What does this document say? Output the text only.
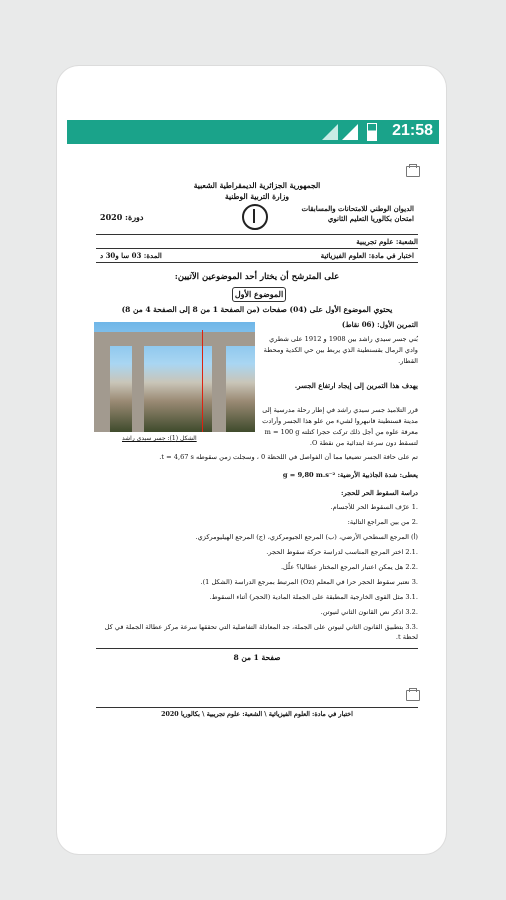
21:58
الجمهورية الجزائرية الديمقراطية الشعبية
وزارة التربية الوطنية
الديوان الوطني للامتحانات والمسابقات
امتحان بكالوريا التعليم الثانوي
دورة: 2020
الشعبة: علوم تجريبية
اختبار في مادة: العلوم الفيزيائية
المدة: 03 سا و30 د
على المترشح أن يختار أحد الموضوعين الآتيين:
الموضوع الأول
يحتوي الموضوع الأول على (04) صفحات (من الصفحة 1 من 8 إلى الصفحة 4 من 8)
التمرين الأول: (06 نقاط)
بُني جسر سيدي راشد بين 1908 و 1912 على شطري وادي الرمال بقسنطينة الذي يربط بين حي الكدية ومحطة القطار.
يهدف هذا التمرين إلى إيجاد ارتفاع الجسر.
قرر التلاميذ جسر سيدي راشد في إطار رحلة مدرسية إلى مدينة قسنطينة فانبهروا لشيء من علو هذا الجسر وأرادت معرفة علوه من أجل ذلك تركت حجرا كتلته m = 100 g لتسقط دون سرعة ابتدائية من نقطة O.
الشكل (1): جسر سيدي راشد
تم على حافة الجسر تضيعيا مما أن الفواصل في اللحظة 0 ، وسجلت زمن سقوطه t = 4,67 s.
يعطى: شدة الجاذبية الأرضية: g = 9,80 m.s⁻²
دراسة السقوط الحر للحجر:
.1 عرّف السقوط الحر للأجسام.
.2 من بين المراجع التالية:
(أ) المرجع السطحي الأرضي، (ب) المرجع الجيومركزي، (ج) المرجع الهيليومركزي.
.2.1 اختر المرجع المناسب لدراسة حركة سقوط الحجر.
.2.2 هل يمكن اعتبار المرجع المختار عطاليا؟ علّل.
.3 نعتبر سقوط الحجر حرا في المعلم (Oz) المرتبط بمرجع الدراسة (الشكل 1).
.3.1 مثل القوى الخارجية المطبقة على الجملة المادية (الحجر) أثناء السقوط.
.3.2 اذكر نص القانون الثاني لنيوتن.
.3.3 بتطبيق القانون الثاني لنيوتن على الجملة، جد المعادلة التفاضلية التي تحققها سرعة مركز عطالة الجملة في كل لحظة t.
صفحة 1 من 8
اختبار في مادة: العلوم الفيزيائية \ الشعبة: علوم تجريبية \ بكالوريا 2020
